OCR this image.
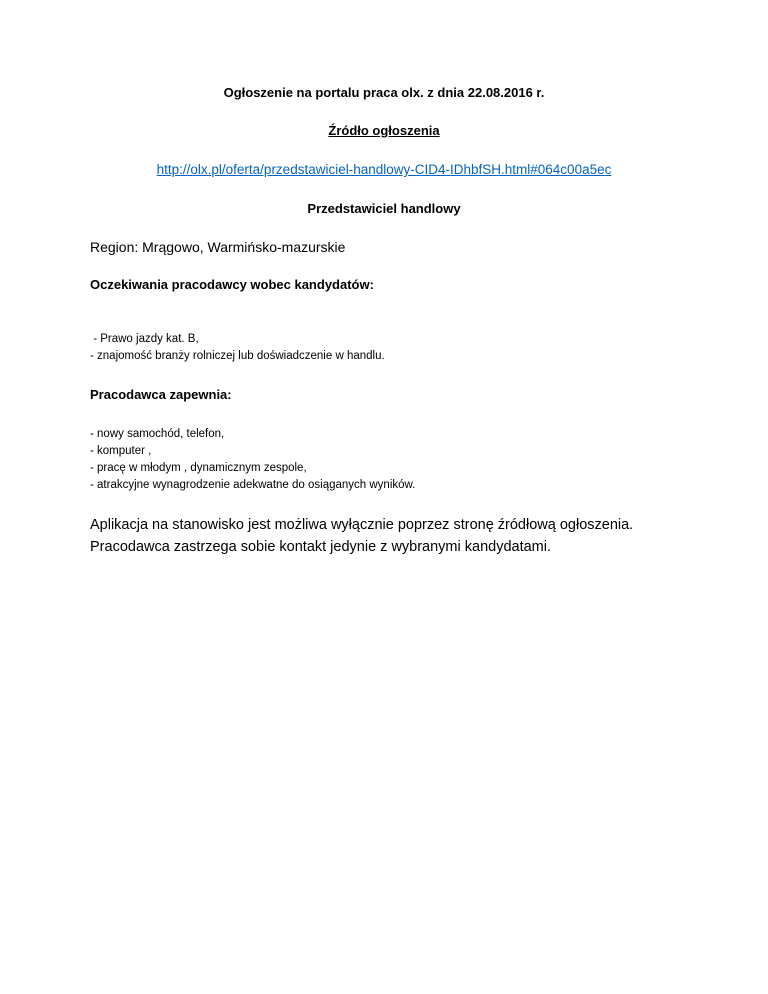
Ogłoszenie na portalu praca olx. z dnia 22.08.2016 r.
Źródło ogłoszenia
http://olx.pl/oferta/przedstawiciel-handlowy-CID4-IDhbfSH.html#064c00a5ec
Przedstawiciel handlowy
Region: Mrągowo, Warmińsko-mazurskie
Oczekiwania pracodawcy wobec kandydatów:
- Prawo jazdy kat. B,
- znajomość branży rolniczej lub doświadczenie w handlu.
Pracodawca zapewnia:
- nowy samochód, telefon,
- komputer ,
- pracę w młodym , dynamicznym zespole,
- atrakcyjne wynagrodzenie adekwatne do osiąganych wyników.
Aplikacja na stanowisko jest możliwa wyłącznie poprzez stronę źródłową ogłoszenia.
Pracodawca zastrzega sobie kontakt jedynie z wybranymi kandydatami.
